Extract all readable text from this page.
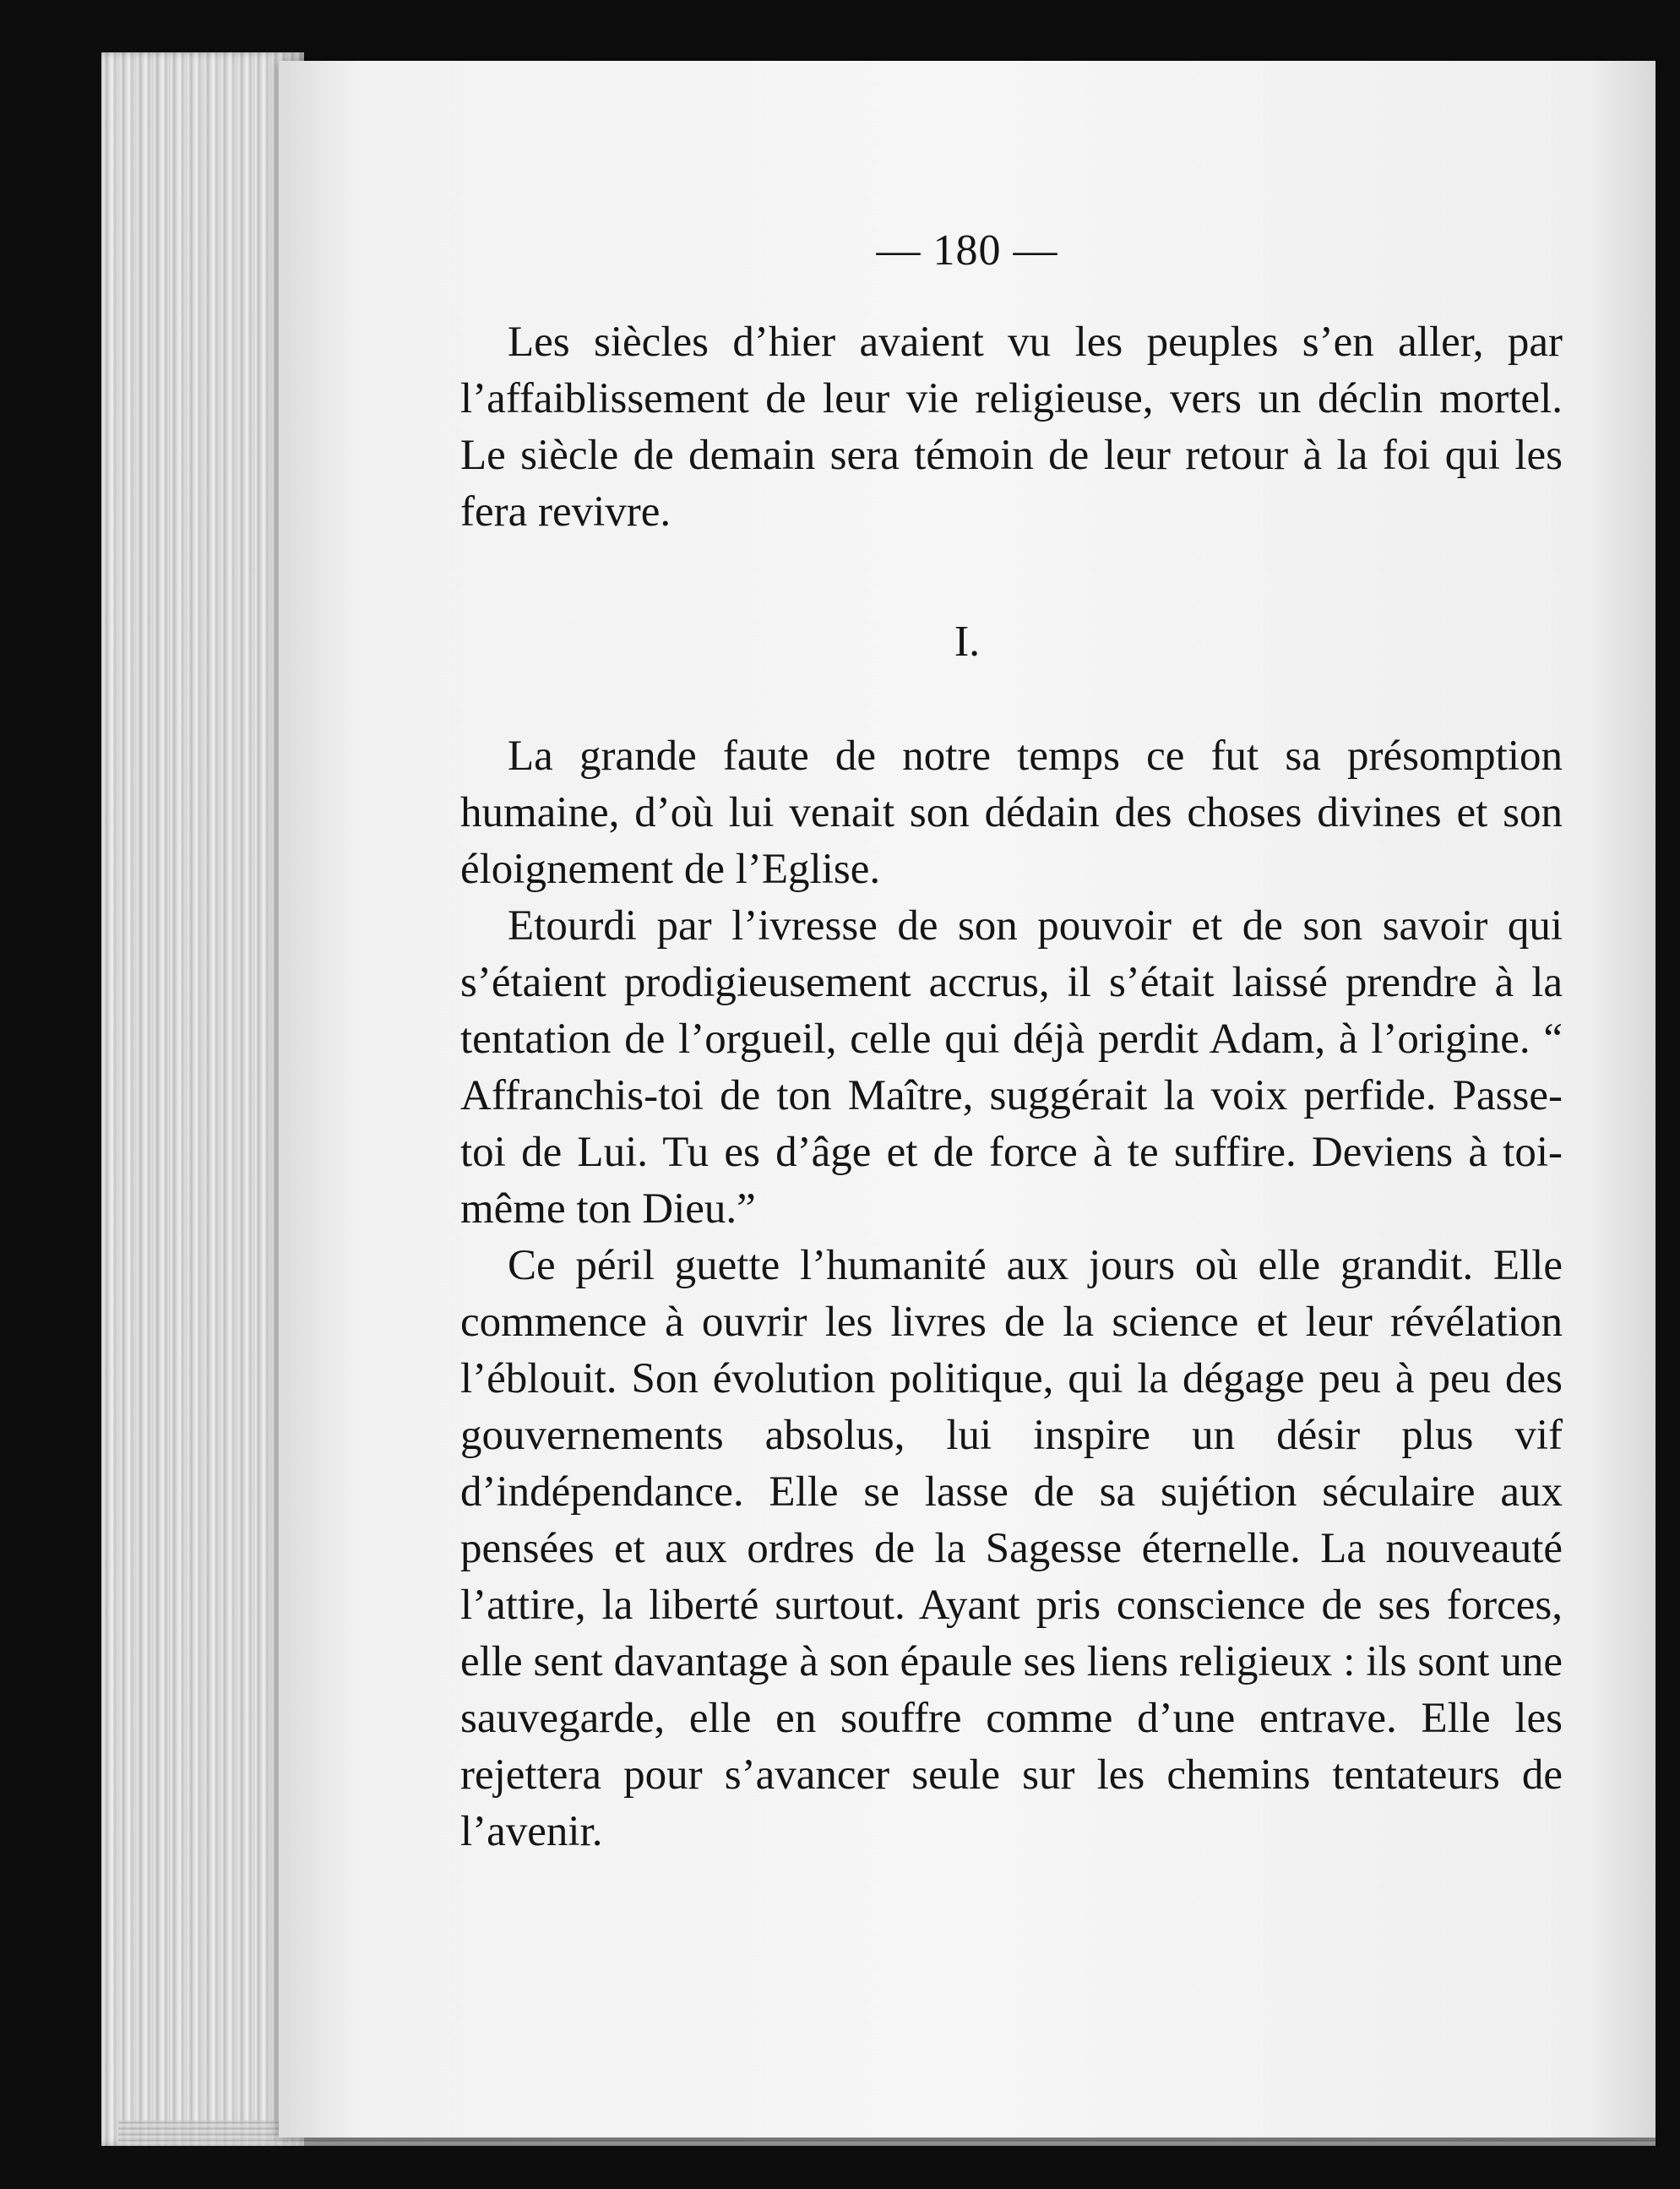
— 180 —

Les siècles d’hier avaient vu les peuples s’en aller, par l’affaiblissement de leur vie religieuse, vers un déclin mortel. Le siècle de demain sera témoin de leur retour à la foi qui les fera revivre.

I.

La grande faute de notre temps ce fut sa présomption humaine, d’où lui venait son dédain des choses divines et son éloignement de l’Eglise.

Etourdi par l’ivresse de son pouvoir et de son savoir qui s’étaient prodigieusement accrus, il s’était laissé prendre à la tentation de l’orgueil, celle qui déjà perdit Adam, à l’origine. “ Affranchis-toi de ton Maître, suggérait la voix perfide. Passe-toi de Lui. Tu es d’âge et de force à te suffire. Deviens à toi-même ton Dieu.”

Ce péril guette l’humanité aux jours où elle grandit. Elle commence à ouvrir les livres de la science et leur révélation l’éblouit. Son évolution politique, qui la dégage peu à peu des gouvernements absolus, lui inspire un désir plus vif d’indépendance. Elle se lasse de sa sujétion séculaire aux pensées et aux ordres de la Sagesse éternelle. La nouveauté l’attire, la liberté surtout. Ayant pris conscience de ses forces, elle sent davantage à son épaule ses liens religieux : ils sont une sauvegarde, elle en souffre comme d’une entrave. Elle les rejettera pour s’avancer seule sur les chemins tentateurs de l’avenir.
